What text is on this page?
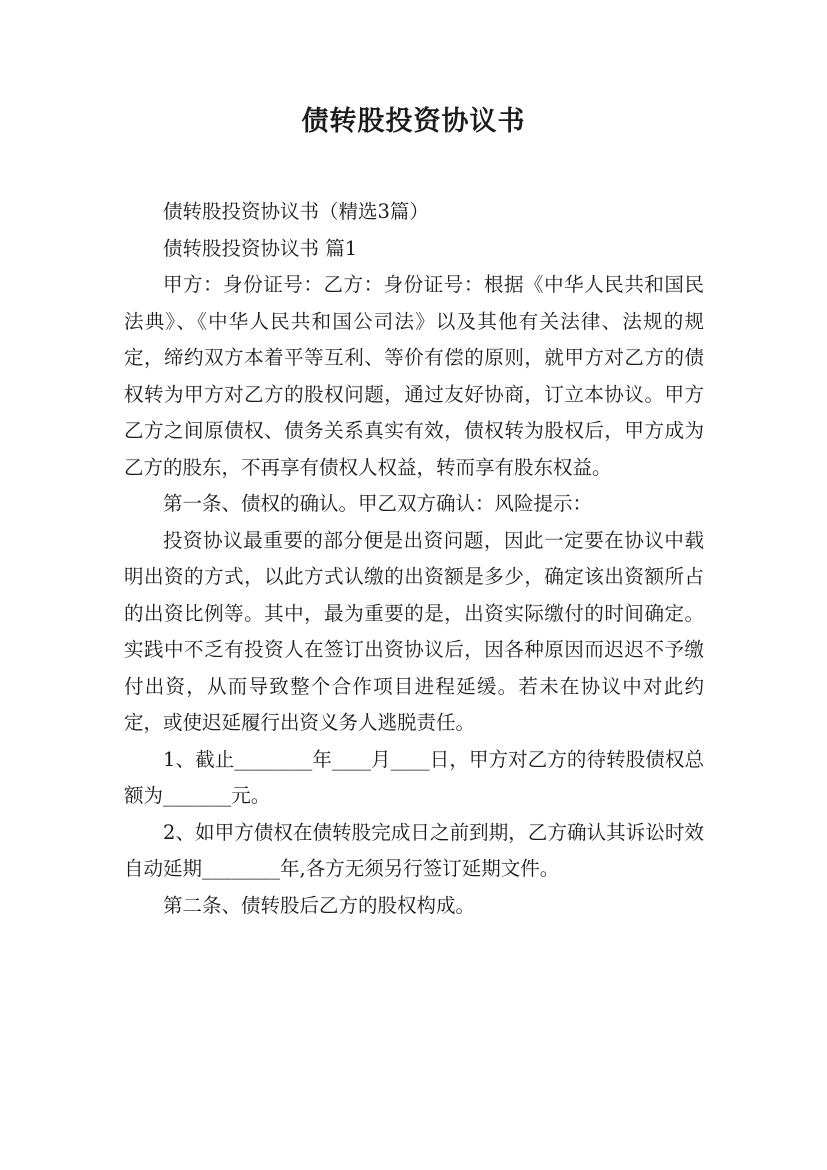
债转股投资协议书

债转股投资协议书（精选3篇）

债转股投资协议书 篇1

甲方：身份证号：乙方：身份证号：根据《中华人民共和国民法典》、《中华人民共和国公司法》以及其他有关法律、法规的规定，缔约双方本着平等互利、等价有偿的原则，就甲方对乙方的债权转为甲方对乙方的股权问题，通过友好协商，订立本协议。甲方乙方之间原债权、债务关系真实有效，债权转为股权后，甲方成为乙方的股东，不再享有债权人权益，转而享有股东权益。

第一条、债权的确认。甲乙双方确认：风险提示：

投资协议最重要的部分便是出资问题，因此一定要在协议中载明出资的方式，以此方式认缴的出资额是多少，确定该出资额所占的出资比例等。其中，最为重要的是，出资实际缴付的时间确定。实践中不乏有投资人在签订出资协议后，因各种原因而迟迟不予缴付出资，从而导致整个合作项目进程延缓。若未在协议中对此约定，或使迟延履行出资义务人逃脱责任。

1、截止________年____月____日，甲方对乙方的待转股债权总额为_______元。

2、如甲方债权在债转股完成日之前到期，乙方确认其诉讼时效自动延期________年,各方无须另行签订延期文件。

第二条、债转股后乙方的股权构成。
